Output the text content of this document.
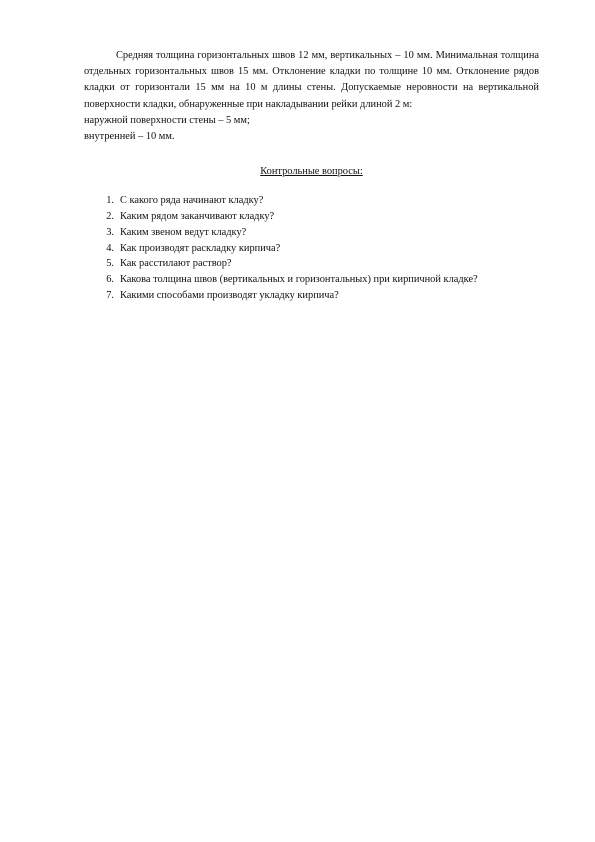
Средняя толщина горизонтальных швов 12 мм, вертикальных – 10 мм. Минимальная толщина отдельных горизонтальных швов 15 мм. Отклонение кладки по толщине 10 мм. Отклонение рядов кладки от горизонтали 15 мм на 10 м длины стены. Допускаемые неровности на вертикальной поверхности кладки, обнаруженные при накладывании рейки длиной 2 м:

наружной поверхности стены – 5 мм;

внутренней – 10 мм.

Контрольные вопросы:

1. С какого ряда начинают кладку?
2. Каким рядом заканчивают кладку?
3. Каким звеном ведут кладку?
4. Как производят раскладку кирпича?
5. Как расстилают раствор?
6. Какова толщина швов (вертикальных и горизонтальных) при кирпичной кладке?
7. Какими способами производят укладку кирпича?
